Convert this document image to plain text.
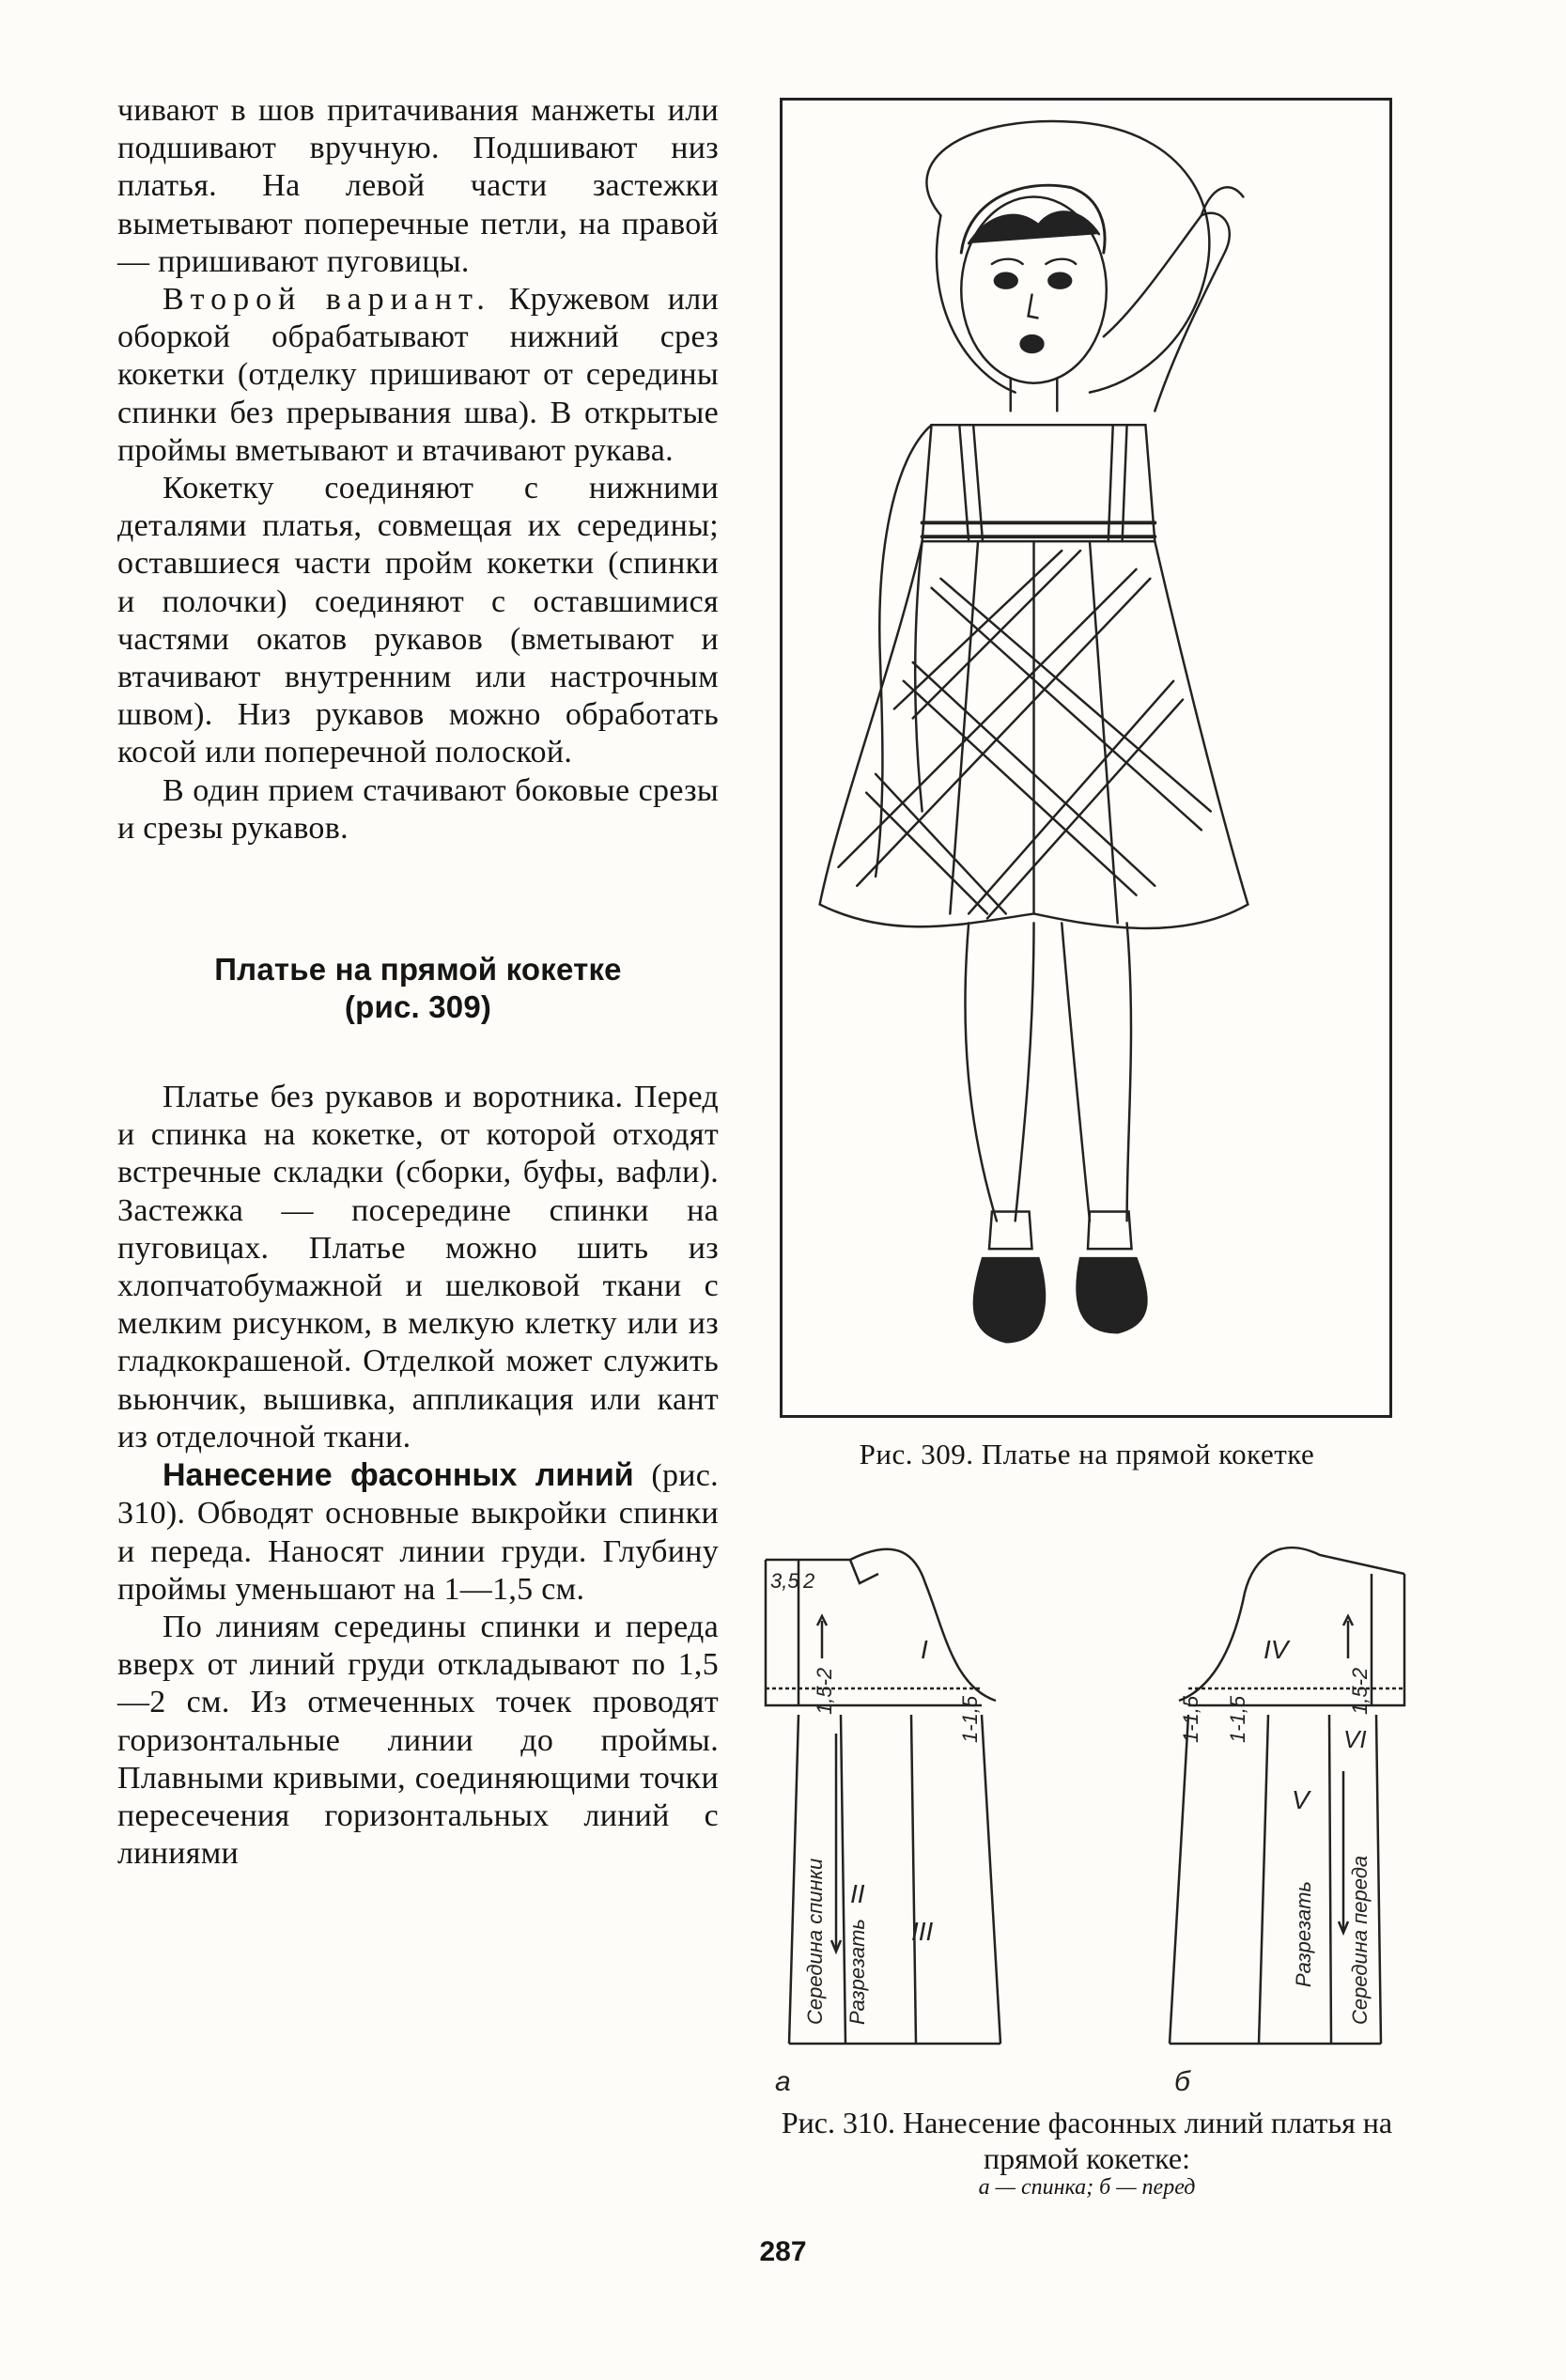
чивают в шов притачивания манжеты или подшивают вручную. Подшивают низ платья. На левой части застежки выметывают поперечные петли, на правой — пришивают пуговицы.

Второй вариант. Кружевом или оборкой обрабатывают нижний срез кокетки (отделку пришивают от середины спинки без прерывания шва). В открытые проймы вметывают и втачивают рукава.

Кокетку соединяют с нижними деталями платья, совмещая их середины; оставшиеся части пройм кокетки (спинки и полочки) соединяют с оставшимися частями окатов рукавов (вметывают и втачивают внутренним или настрочным швом). Низ рукавов можно обработать косой или поперечной полоской.

В один прием стачивают боковые срезы и срезы рукавов.

Платье на прямой кокетке
(рис. 309)

Платье без рукавов и воротника. Перед и спинка на кокетке, от которой отходят встречные складки (сборки, буфы, вафли). Застежка — посередине спинки на пуговицах. Платье можно шить из хлопчатобумажной и шелковой ткани с мелким рисунком, в мелкую клетку или из гладкокрашеной. Отделкой может служить вьюнчик, вышивка, аппликация или кант из отделочной ткани.

Нанесение фасонных линий (рис. 310). Обводят основные выкройки спинки и переда. Наносят линии груди. Глубину проймы уменьшают на 1—1,5 см.

По линиям середины спинки и переда вверх от линий груди откладывают по 1,5—2 см. Из отмеченных точек проводят горизонтальные линии до проймы. Плавными кривыми, соединяющими точки пересечения горизонтальных линий с линиями

Рис. 309. Платье на прямой кокетке
3,5 2
I
III
II
IV
V
VI
а	б
1,5-2	1,5-2
1-1,5	1-1,5 1-1,5
Середина спинки Разрезать	Разрезать Середина переда
Рис. 310. Нанесение фасонных линий платья на прямой кокетке:
а — спинка; б — перед
287
